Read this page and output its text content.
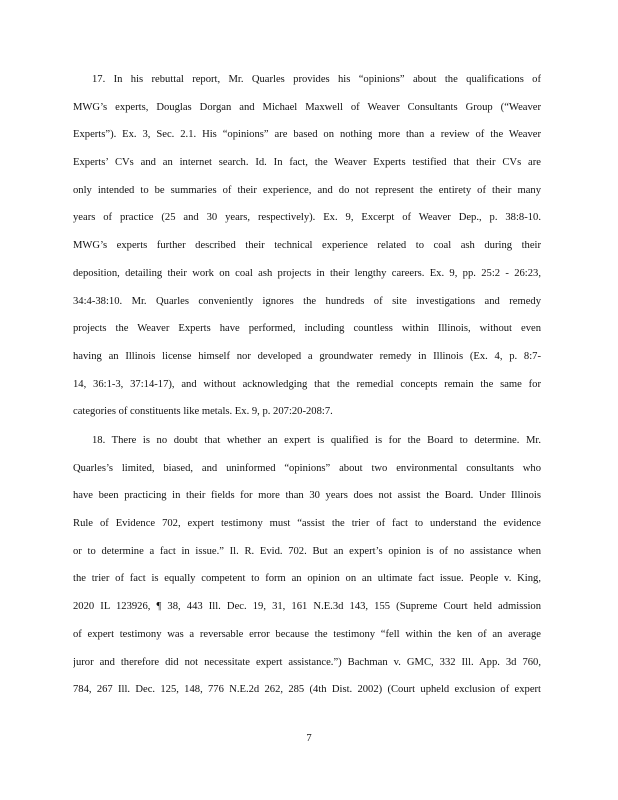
17. In his rebuttal report, Mr. Quarles provides his “opinions” about the qualifications of
MWG’s experts, Douglas Dorgan and Michael Maxwell of Weaver Consultants Group (“Weaver
Experts”). Ex. 3, Sec. 2.1. His “opinions” are based on nothing more than a review of the Weaver
Experts’ CVs and an internet search. Id. In fact, the Weaver Experts testified that their CVs are
only intended to be summaries of their experience, and do not represent the entirety of their many
years of practice (25 and 30 years, respectively). Ex. 9, Excerpt of Weaver Dep., p. 38:8-10.
MWG’s experts further described their technical experience related to coal ash during their
deposition, detailing their work on coal ash projects in their lengthy careers. Ex. 9, pp. 25:2 - 26:23,
34:4-38:10. Mr. Quarles conveniently ignores the hundreds of site investigations and remedy
projects the Weaver Experts have performed, including countless within Illinois, without even
having an Illinois license himself nor developed a groundwater remedy in Illinois (Ex. 4, p. 8:7-
14, 36:1-3, 37:14-17), and without acknowledging that the remedial concepts remain the same for
categories of constituents like metals. Ex. 9, p. 207:20-208:7.
18. There is no doubt that whether an expert is qualified is for the Board to determine. Mr.
Quarles’s limited, biased, and uninformed “opinions” about two environmental consultants who
have been practicing in their fields for more than 30 years does not assist the Board. Under Illinois
Rule of Evidence 702, expert testimony must “assist the trier of fact to understand the evidence
or to determine a fact in issue.” Il. R. Evid. 702. But an expert’s opinion is of no assistance when
the trier of fact is equally competent to form an opinion on an ultimate fact issue. People v. King,
2020 IL 123926, ¶ 38, 443 Ill. Dec. 19, 31, 161 N.E.3d 143, 155 (Supreme Court held admission
of expert testimony was a reversable error because the testimony “fell within the ken of an average
juror and therefore did not necessitate expert assistance.”) Bachman v. GMC, 332 Ill. App. 3d 760,
784, 267 Ill. Dec. 125, 148, 776 N.E.2d 262, 285 (4th Dist. 2002) (Court upheld exclusion of expert
7
